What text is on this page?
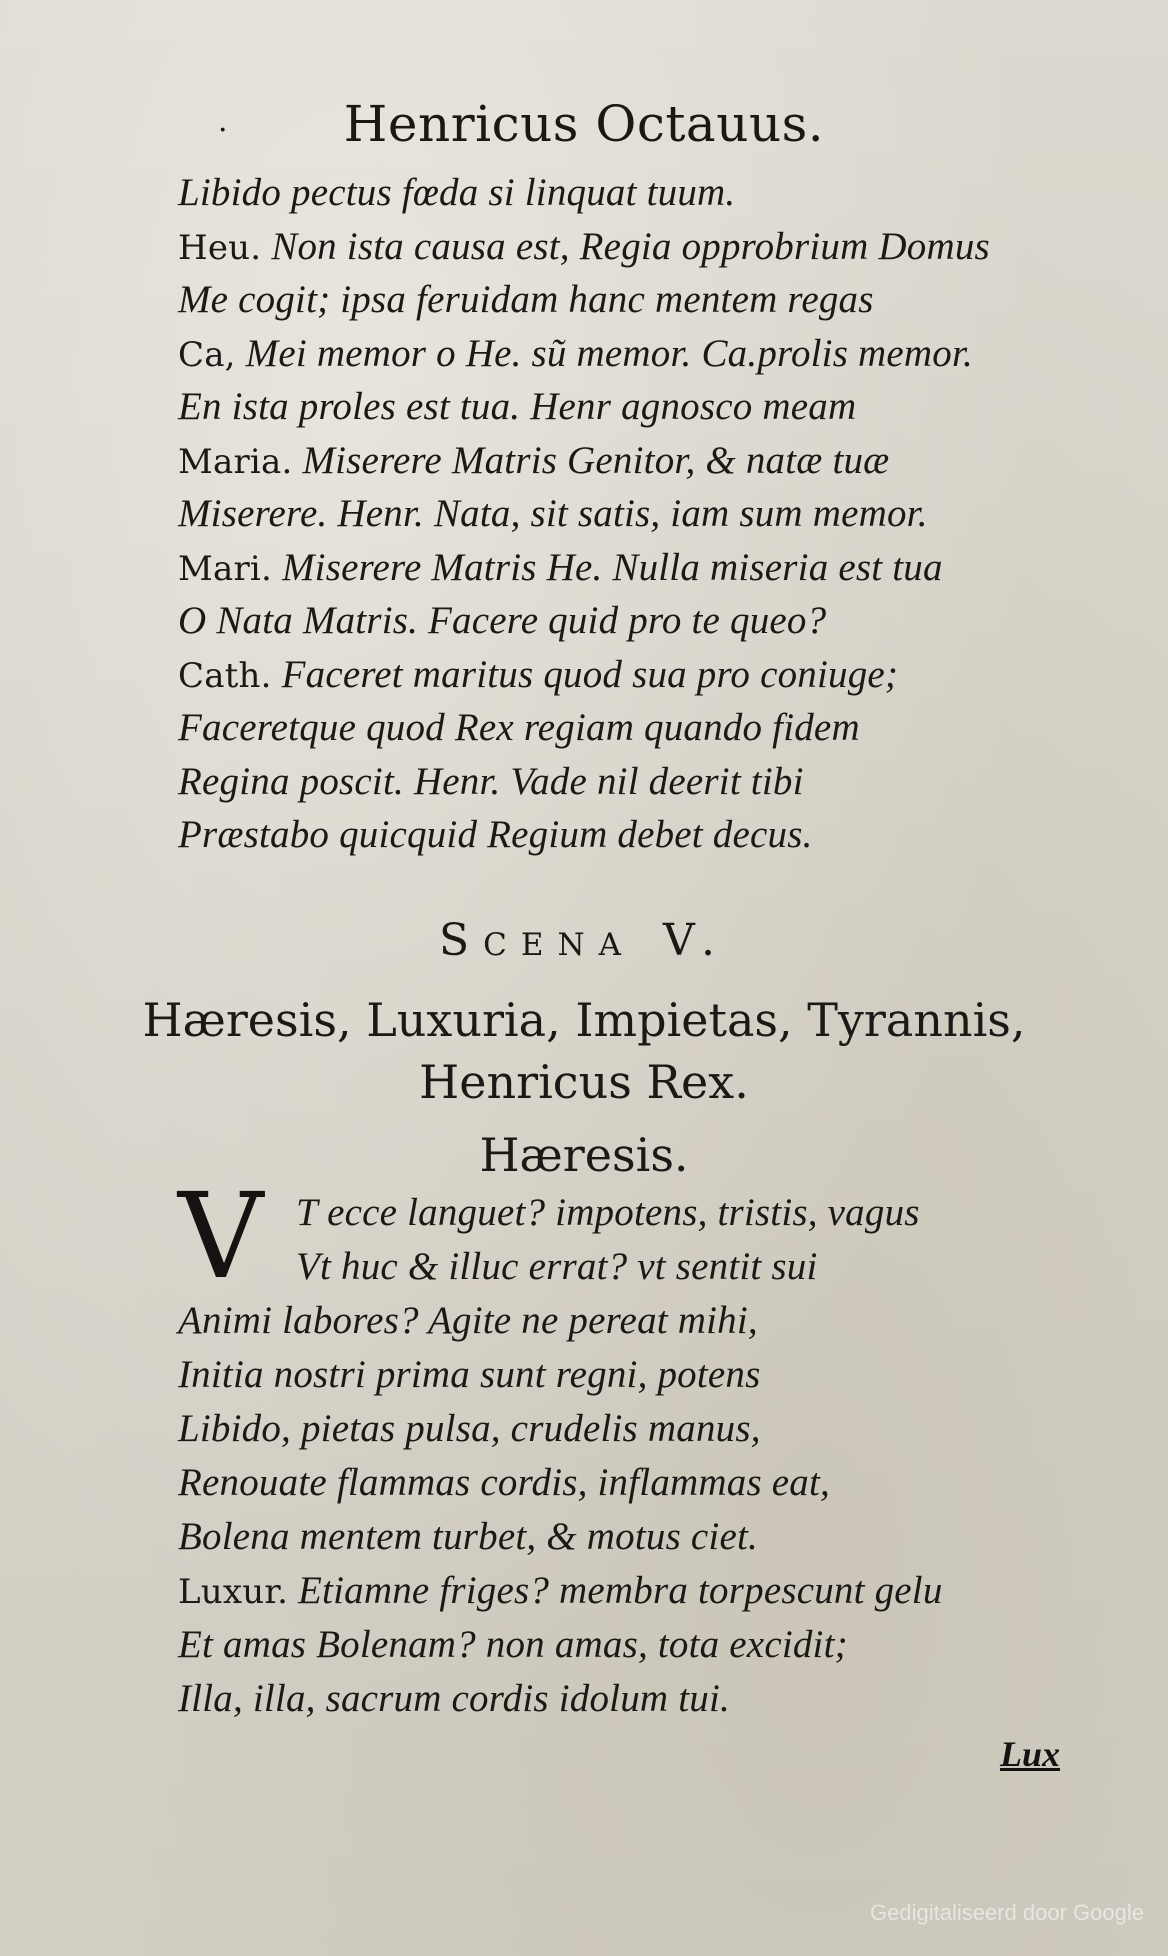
· Henricus Octauus.
Libido pectus fœda si linquat tuum.
Heu. Non ista causa est, Regia opprobrium Domus
Me cogit; ipsa feruidam hanc mentem regas
Ca, Mei memor o He. sũ memor. Ca.prolis memor.
En ista proles est tua. Henr agnosco meam
Maria. Miserere Matris Genitor, & natæ tuæ
Miserere. Henr. Nata, sit satis, iam sum memor.
Mari. Miserere Matris He. Nulla miseria est tua
O Nata Matris. Facere quid pro te queo?
Cath. Faceret maritus quod sua pro coniuge;
Faceretque quod Rex regiam quando fidem
Regina poscit. Henr. Vade nil deerit tibi
Præstabo quicquid Regium debet decus.
Scena V.
Hæresis, Luxuria, Impietas, Tyrannis,
Henricus Rex.
Hæresis.
V T ecce languet? impotens, tristis, vagus
Vt huc & illuc errat? vt sentit sui
Animi labores? Agite ne pereat mihi,
Initia nostri prima sunt regni, potens
Libido, pietas pulsa, crudelis manus,
Renouate flammas cordis, inflammas eat,
Bolena mentem turbet, & motus ciet.
Luxur. Etiamne friges? membra torpescunt gelu
Et amas Bolenam? non amas, tota excidit;
Illa, illa, sacrum cordis idolum tui.
Lux
Gedigitaliseerd door Google
